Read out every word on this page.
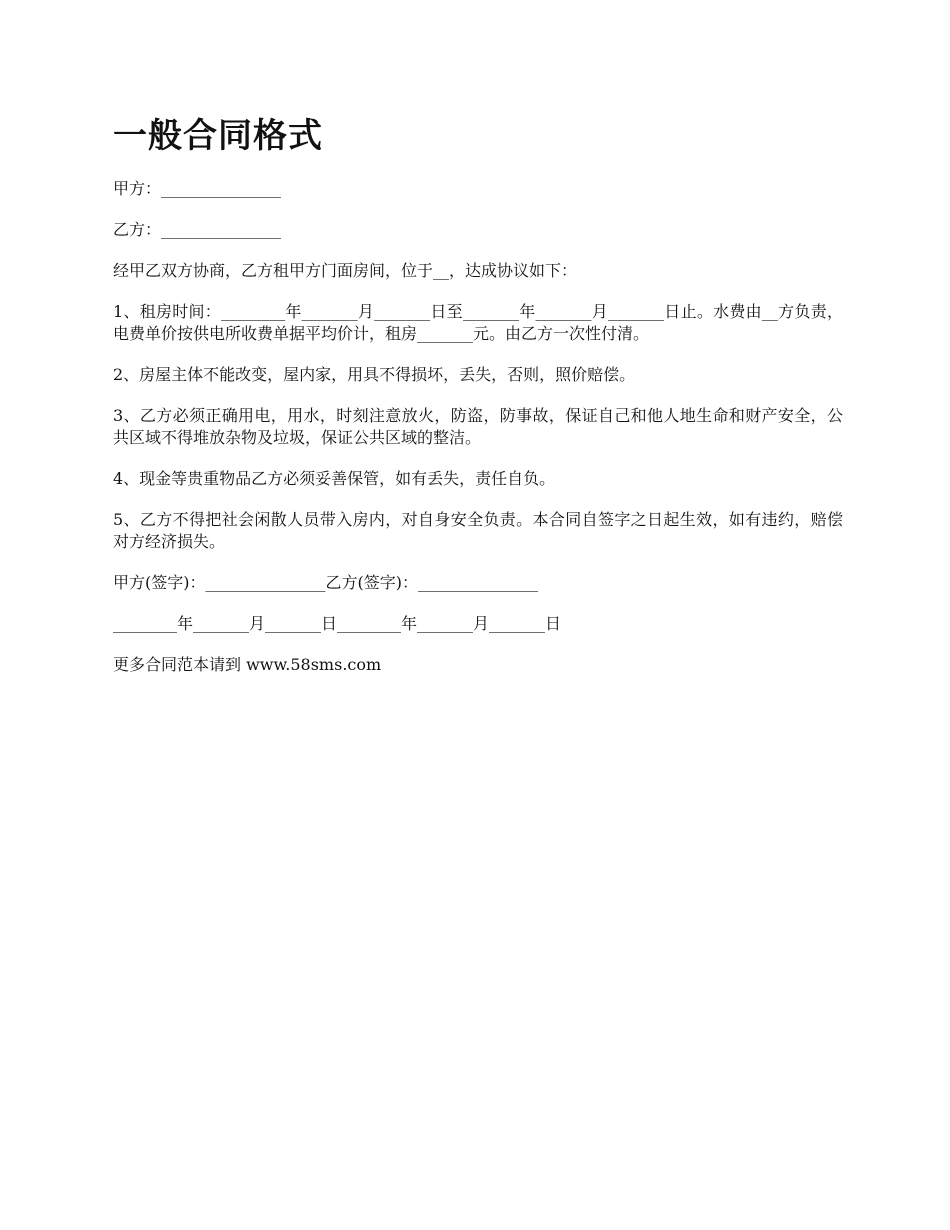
一般合同格式

甲方：_______________

乙方：_______________

经甲乙双方协商，乙方租甲方门面房间，位于__，达成协议如下：

1、租房时间：________年_______月_______日至_______年_______月_______日止。水费由__方负责，电费单价按供电所收费单据平均价计，租房_______元。由乙方一次性付清。

2、房屋主体不能改变，屋内家，用具不得损坏，丢失，否则，照价赔偿。

3、乙方必须正确用电，用水，时刻注意放火，防盗，防事故，保证自己和他人地生命和财产安全，公共区域不得堆放杂物及垃圾，保证公共区域的整洁。

4、现金等贵重物品乙方必须妥善保管，如有丢失，责任自负。

5、乙方不得把社会闲散人员带入房内，对自身安全负责。本合同自签字之日起生效，如有违约，赔偿对方经济损失。

甲方(签字)：_______________乙方(签字)：_______________

________年_______月_______日________年_______月_______日

更多合同范本请到 www.58sms.com
